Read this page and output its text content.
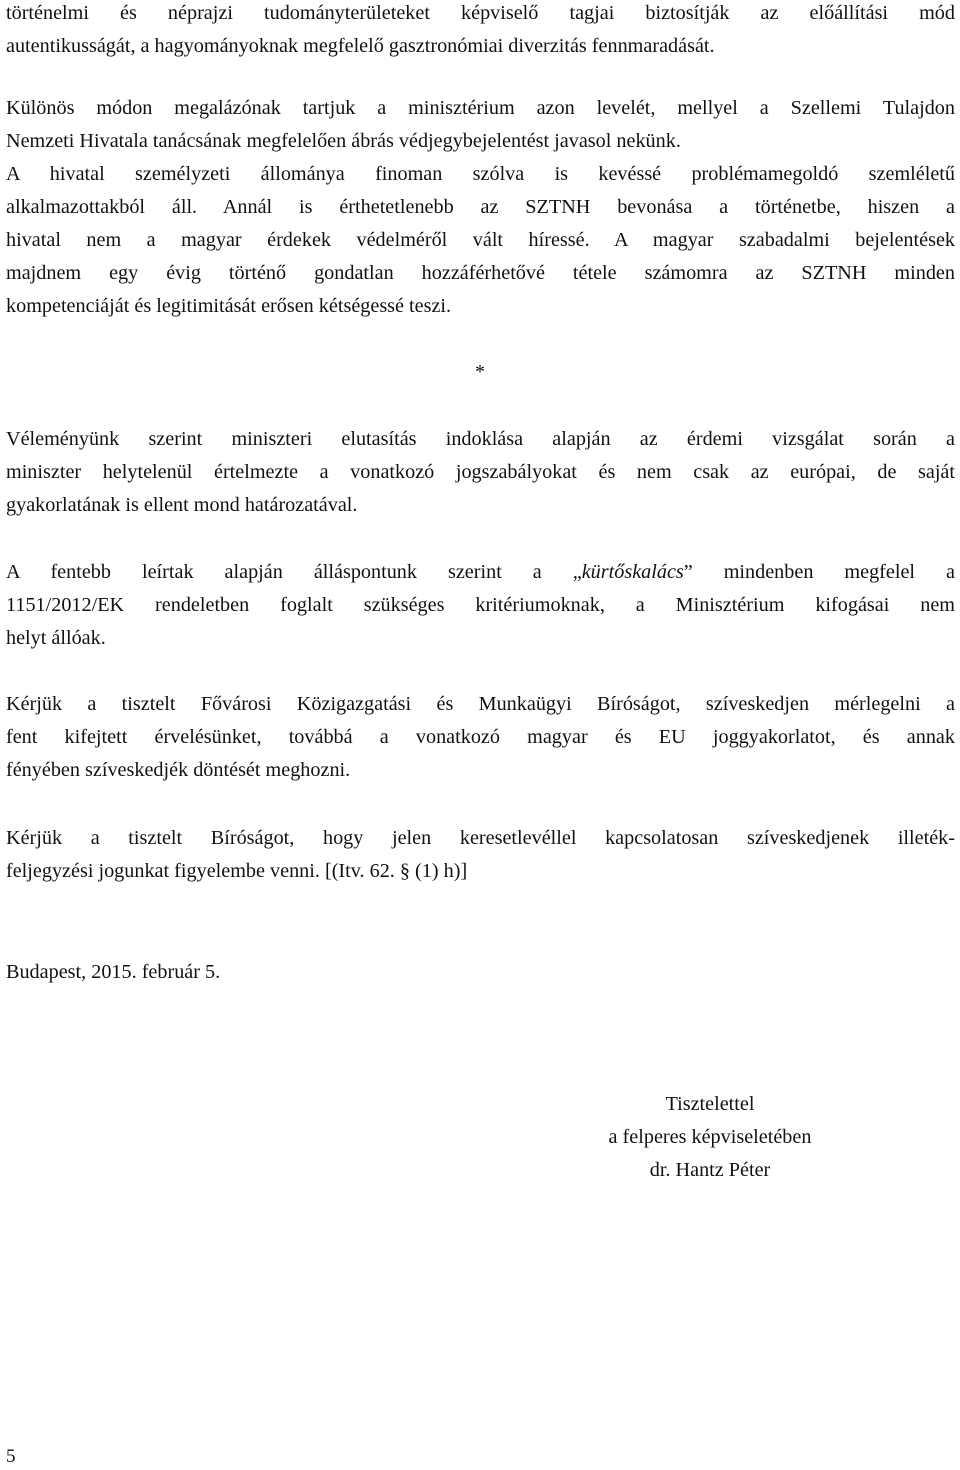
történelmi és néprajzi tudományterületeket képviselő tagjai biztosítják az előállítási mód
autentikusságát, a hagyományoknak megfelelő gasztronómiai diverzitás fennmaradását.
Különös módon megalázónak tartjuk a minisztérium azon levelét, mellyel a Szellemi Tulajdon
Nemzeti Hivatala tanácsának megfelelően ábrás védjegybejelentést javasol nekünk.
A hivatal személyzeti állománya finoman szólva is kevéssé problémamegoldó szemléletű
alkalmazottakból áll. Annál is érthetetlenebb az SZTNH bevonása a történetbe, hiszen a
hivatal nem a magyar érdekek védelméről vált híressé. A magyar szabadalmi bejelentések
majdnem egy évig történő gondatlan hozzáférhetővé tétele számomra az SZTNH minden
kompetenciáját és legitimitását erősen kétségessé teszi.
*
Véleményünk szerint miniszteri elutasítás indoklása alapján az érdemi vizsgálat során a
miniszter helytelenül értelmezte a vonatkozó jogszabályokat és nem csak az európai, de saját
gyakorlatának is ellent mond határozatával.
A fentebb leírtak alapján álláspontunk szerint a „kürtőskalács” mindenben megfelel a
1151/2012/EK rendeletben foglalt szükséges kritériumoknak, a Minisztérium kifogásai nem
helyt állóak.
Kérjük a tisztelt Fővárosi Közigazgatási és Munkaügyi Bíróságot, szíveskedjen mérlegelni a
fent kifejtett érvelésünket, továbbá a vonatkozó magyar és EU joggyakorlatot, és annak
fényében szíveskedjék döntését meghozni.
Kérjük a tisztelt Bíróságot, hogy jelen keresetlevéllel kapcsolatosan szíveskedjenek illeték-
feljegyzési jogunkat figyelembe venni. [(Itv. 62. § (1) h)]
Budapest, 2015. február 5.
Tisztelettel
a felperes képviseletében
dr. Hantz Péter
5
